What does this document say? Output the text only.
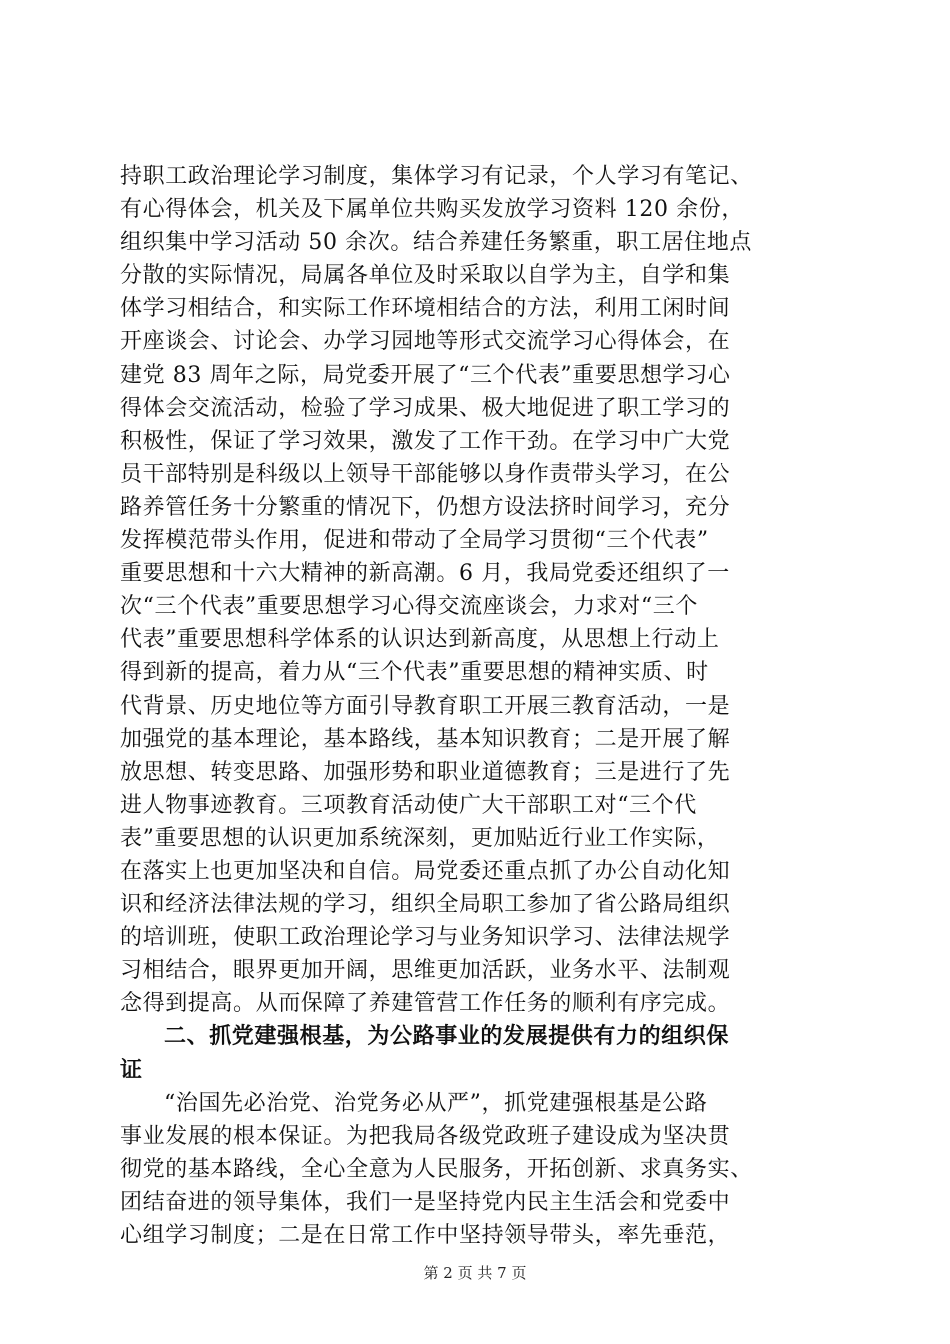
持职工政治理论学习制度，集体学习有记录，个人学习有笔记、
有心得体会，机关及下属单位共购买发放学习资料 120 余份，
组织集中学习活动 50 余次。结合养建任务繁重，职工居住地点
分散的实际情况，局属各单位及时采取以自学为主，自学和集
体学习相结合，和实际工作环境相结合的方法，利用工闲时间
开座谈会、讨论会、办学习园地等形式交流学习心得体会，在
建党 83 周年之际，局党委开展了“三个代表”重要思想学习心
得体会交流活动，检验了学习成果、极大地促进了职工学习的
积极性，保证了学习效果，激发了工作干劲。在学习中广大党
员干部特别是科级以上领导干部能够以身作责带头学习，在公
路养管任务十分繁重的情况下，仍想方设法挤时间学习，充分
发挥模范带头作用，促进和带动了全局学习贯彻“三个代表”
重要思想和十六大精神的新高潮。6 月，我局党委还组织了一
次“三个代表”重要思想学习心得交流座谈会，力求对“三个
代表”重要思想科学体系的认识达到新高度，从思想上行动上
得到新的提高，着力从“三个代表”重要思想的精神实质、时
代背景、历史地位等方面引导教育职工开展三教育活动，一是
加强党的基本理论，基本路线，基本知识教育；二是开展了解
放思想、转变思路、加强形势和职业道德教育；三是进行了先
进人物事迹教育。三项教育活动使广大干部职工对“三个代
表”重要思想的认识更加系统深刻，更加贴近行业工作实际，
在落实上也更加坚决和自信。局党委还重点抓了办公自动化知
识和经济法律法规的学习，组织全局职工参加了省公路局组织
的培训班，使职工政治理论学习与业务知识学习、法律法规学
习相结合，眼界更加开阔，思维更加活跃，业务水平、法制观
念得到提高。从而保障了养建管营工作任务的顺利有序完成。
二、抓党建强根基，为公路事业的发展提供有力的组织保
证
“治国先必治党、治党务必从严”，抓党建强根基是公路
事业发展的根本保证。为把我局各级党政班子建设成为坚决贯
彻党的基本路线，全心全意为人民服务，开拓创新、求真务实、
团结奋进的领导集体，我们一是坚持党内民主生活会和党委中
心组学习制度；二是在日常工作中坚持领导带头，率先垂范，
第 2 页 共 7 页
